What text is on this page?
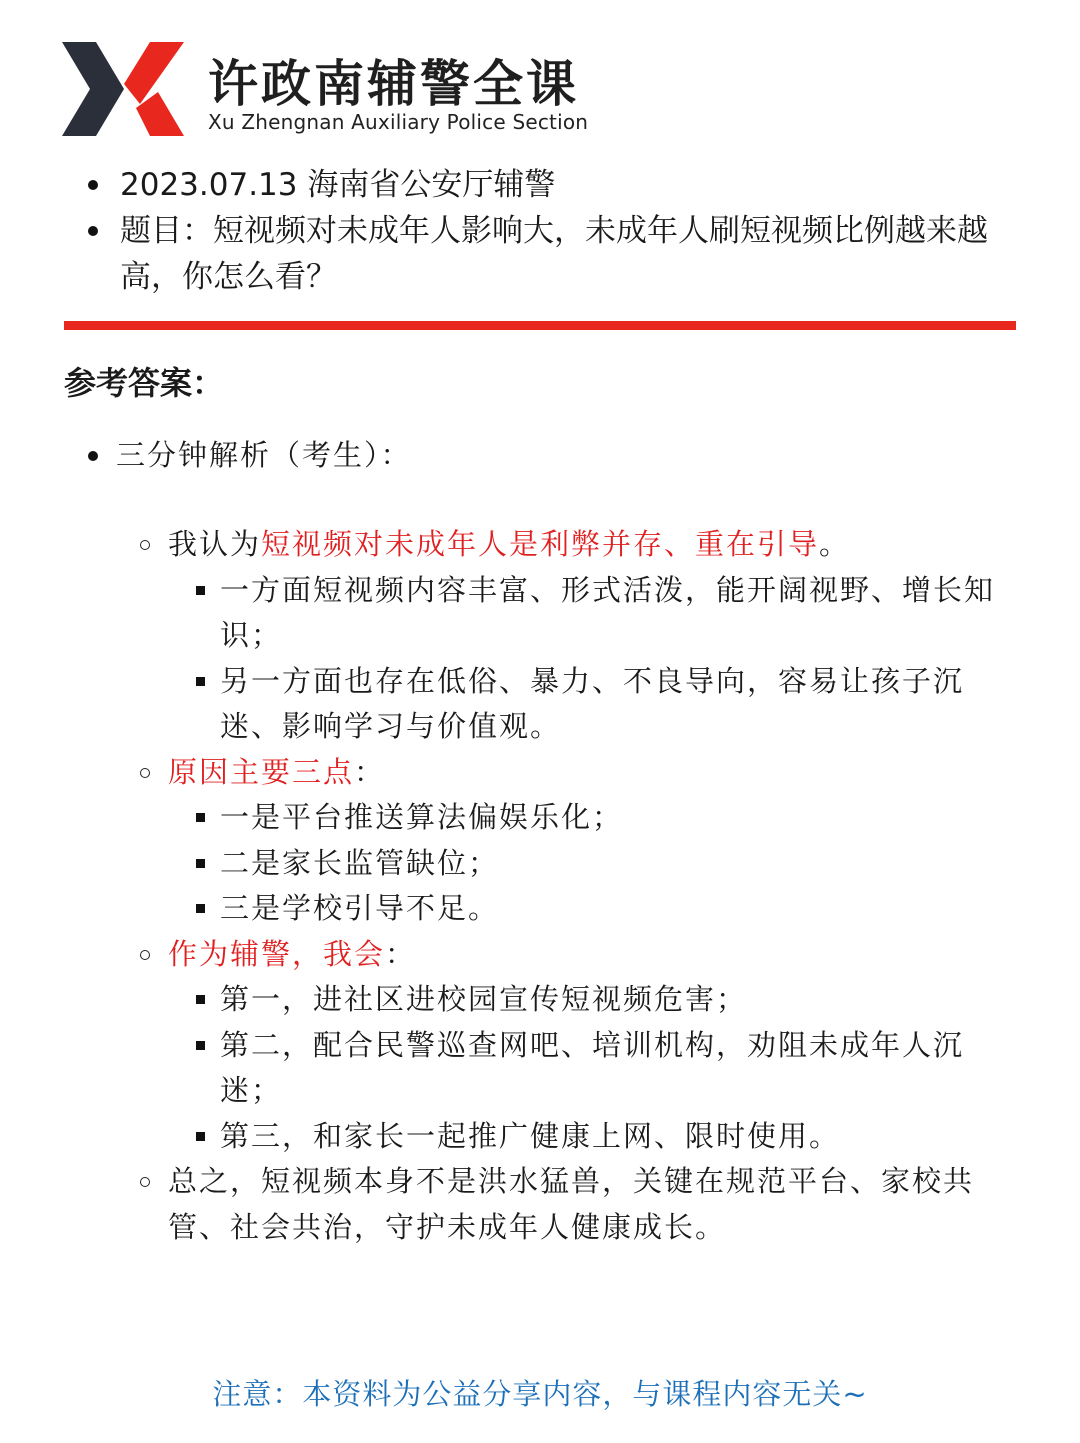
许政南辅警全课
Xu Zhengnan Auxiliary Police Section
2023.07.13 海南省公安厅辅警
题目：短视频对未成年人影响大，未成年人刷短视频比例越来越高，你怎么看？
参考答案：
三分钟解析（考生）：
我认为短视频对未成年人是利弊并存、重在引导。
一方面短视频内容丰富、形式活泼，能开阔视野、增长知识；
另一方面也存在低俗、暴力、不良导向，容易让孩子沉迷、影响学习与价值观。
原因主要三点：
一是平台推送算法偏娱乐化；
二是家长监管缺位；
三是学校引导不足。
作为辅警，我会：
第一，进社区进校园宣传短视频危害；
第二，配合民警巡查网吧、培训机构，劝阻未成年人沉迷；
第三，和家长一起推广健康上网、限时使用。
总之，短视频本身不是洪水猛兽，关键在规范平台、家校共管、社会共治，守护未成年人健康成长。
注意：本资料为公益分享内容，与课程内容无关~
